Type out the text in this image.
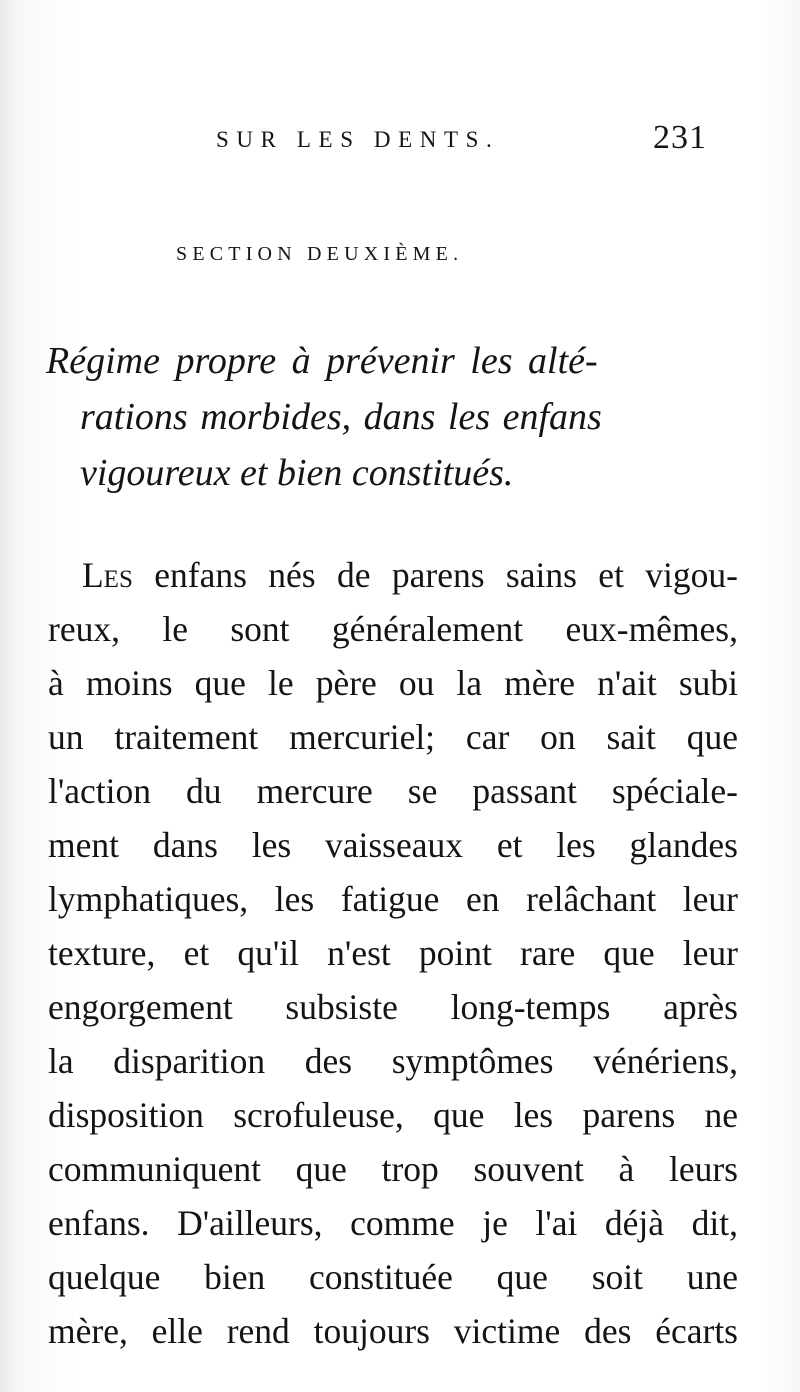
SUR LES DENTS.	231
SECTION DEUXIÈME.
Régime propre à prévenir les alté-
rations morbides, dans les enfans
vigoureux et bien constitués.
Les enfans nés de parens sains et vigou-
reux, le sont généralement eux-mêmes,
à moins que le père ou la mère n'ait subi
un traitement mercuriel; car on sait que
l'action du mercure se passant spéciale-
ment dans les vaisseaux et les glandes
lymphatiques, les fatigue en relâchant leur
texture, et qu'il n'est point rare que leur
engorgement subsiste long-temps après
la disparition des symptômes vénériens,
disposition scrofuleuse, que les parens ne
communiquent que trop souvent à leurs
enfans. D'ailleurs, comme je l'ai déjà dit,
quelque bien constituée que soit une
mère, elle rend toujours victime des écarts
